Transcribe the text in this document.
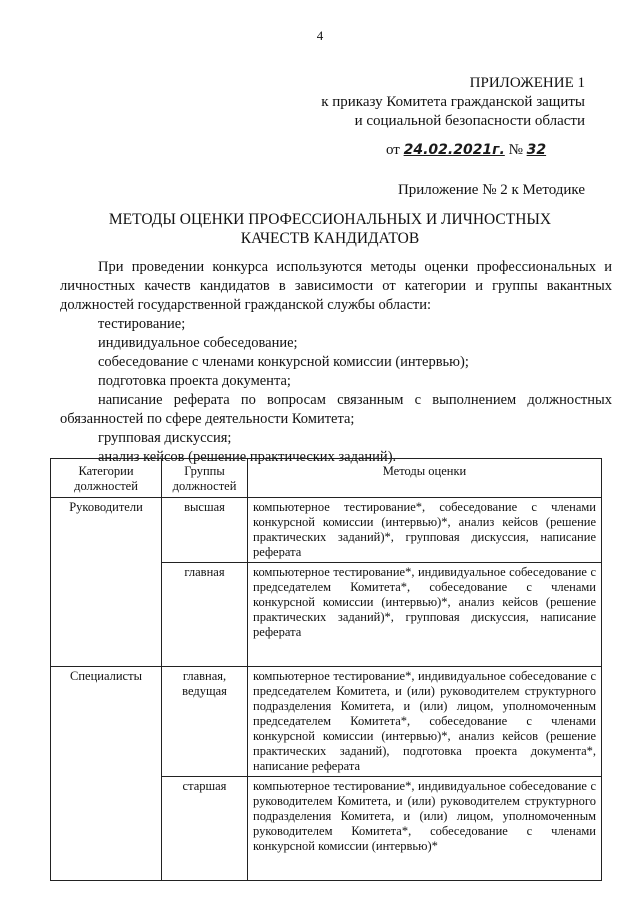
4
ПРИЛОЖЕНИЕ 1
к приказу Комитета гражданской защиты
и социальной безопасности области
от 24.02.2021г. № 32
Приложение № 2 к Методике
МЕТОДЫ ОЦЕНКИ ПРОФЕССИОНАЛЬНЫХ И ЛИЧНОСТНЫХ КАЧЕСТВ КАНДИДАТОВ

При проведении конкурса используются методы оценки профессиональных и личностных качеств кандидатов в зависимости от категории и группы вакантных должностей государственной гражданской службы области:

тестирование;

индивидуальное собеседование;

собеседование с членами конкурсной комиссии (интервью);

подготовка проекта документа;

написание реферата по вопросам связанным с выполнением должностных обязанностей по сфере деятельности Комитета;

групповая дискуссия;

анализ кейсов (решение практических заданий).

Категории должностей	Группы должностей	Методы оценки
Руководители	высшая	компьютерное тестирование*, собеседование с членами конкурсной комиссии (интервью)*, анализ кейсов (решение практических заданий)*, групповая дискуссия, написание реферата
	главная	компьютерное тестирование*, индивидуальное собеседование с председателем Комитета*, собеседование с членами конкурсной комиссии (интервью)*, анализ кейсов (решение практических заданий)*, групповая дискуссия, написание реферата

Специалисты	главная, ведущая	компьютерное тестирование*, индивидуальное собеседование с председателем Комитета, и (или) руководителем структурного подразделения Комитета, и (или) лицом, уполномоченным председателем Комитета*, собеседование с членами конкурсной комиссии (интервью)*, анализ кейсов (решение практических заданий), подготовка проекта документа*, написание реферата
	старшая	компьютерное тестирование*, индивидуальное собеседование с руководителем Комитета, и (или) руководителем структурного подразделения Комитета, и (или) лицом, уполномоченным руководителем Комитета*, собеседование с членами конкурсной комиссии (интервью)*
